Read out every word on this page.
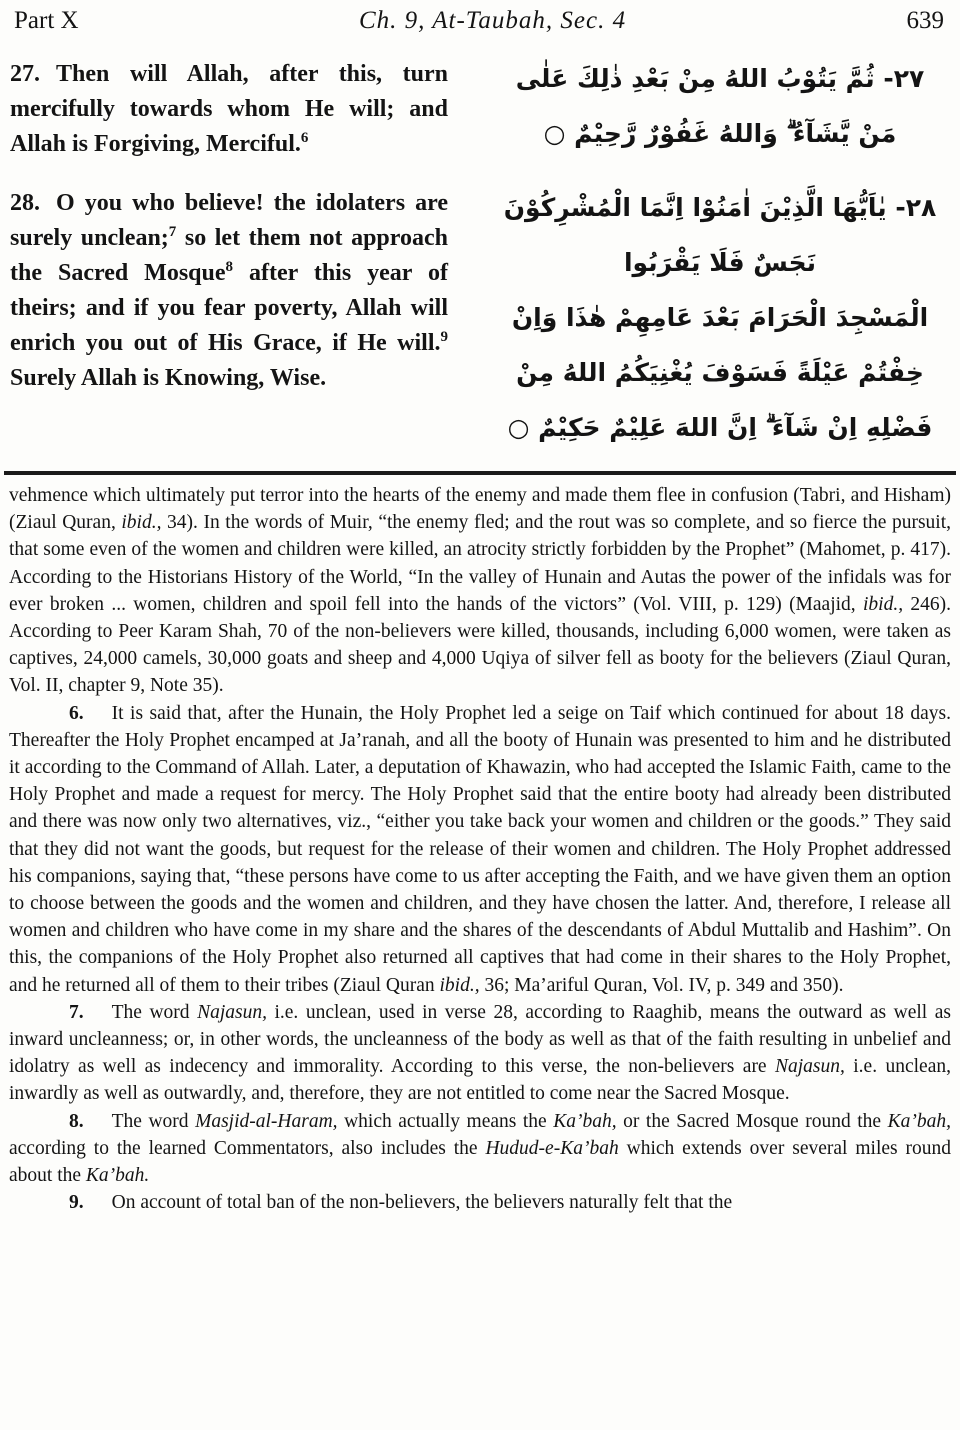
Part X	Ch. 9, At-Taubah, Sec. 4	639

27. Then will Allah, after this, turn mercifully towards whom He will; and Allah is Forgiving, Merciful.$^6$

۲۷- ثُمَّ يَتُوْبُ اللهُ مِنْ بَعْدِ ذٰلِكَ عَلٰى
مَنْ يَّشَآءُ ۗ وَاللهُ غَفُوْرٌ رَّحِيْمٌ ○

28. O you who believe! the idolaters are surely unclean;$^7$ so let them not approach the Sacred Mosque$^8$ after this year of theirs; and if you fear poverty, Allah will enrich you out of His Grace, if He will.$^9$ Surely Allah is Knowing, Wise.

۲۸- يٰاَيُّهَا الَّذِيْنَ اٰمَنُوْا اِنَّمَا الْمُشْرِكُوْنَ
نَجَسٌ فَلَا يَقْرَبُوا
الْمَسْجِدَ الْحَرَامَ بَعْدَ عَامِهِمْ هٰذَا وَاِنْ
خِفْتُمْ عَيْلَةً فَسَوْفَ يُغْنِيَكُمُ اللهُ مِنْ
فَضْلِهِ اِنْ شَآءَ ۗ اِنَّ اللهَ عَلِيْمٌ حَكِيْمٌ ○

vehmence which ultimately put terror into the hearts of the enemy and made them flee in confusion (Tabri, and Hisham) (Ziaul Quran, ibid., 34). In the words of Muir, “the enemy fled; and the rout was so complete, and so fierce the pursuit, that some even of the women and children were killed, an atrocity strictly forbidden by the Prophet” (Mahomet, p. 417). According to the Historians History of the World, “In the valley of Hunain and Autas the power of the infidals was for ever broken ... women, children and spoil fell into the hands of the victors” (Vol. VIII, p. 129) (Maajid, ibid., 246). According to Peer Karam Shah, 70 of the non-believers were killed, thousands, including 6,000 women, were taken as captives, 24,000 camels, 30,000 goats and sheep and 4,000 Uqiya of silver fell as booty for the believers (Ziaul Quran, Vol. II, chapter 9, Note 35).

6. It is said that, after the Hunain, the Holy Prophet led a seige on Taif which continued for about 18 days. Thereafter the Holy Prophet encamped at Ja’ranah, and all the booty of Hunain was presented to him and he distributed it according to the Command of Allah. Later, a deputation of Khawazin, who had accepted the Islamic Faith, came to the Holy Prophet and made a request for mercy. The Holy Prophet said that the entire booty had already been distributed and there was now only two alternatives, viz., “either you take back your women and children or the goods.” They said that they did not want the goods, but request for the release of their women and children. The Holy Prophet addressed his companions, saying that, “these persons have come to us after accepting the Faith, and we have given them an option to choose between the goods and the women and children, and they have chosen the latter. And, therefore, I release all women and children who have come in my share and the shares of the descendants of Abdul Muttalib and Hashim”. On this, the companions of the Holy Prophet also returned all captives that had come in their shares to the Holy Prophet, and he returned all of them to their tribes (Ziaul Quran ibid., 36; Ma’ariful Quran, Vol. IV, p. 349 and 350).

7. The word Najasun, i.e. unclean, used in verse 28, according to Raaghib, means the outward as well as inward uncleanness; or, in other words, the uncleanness of the body as well as that of the faith resulting in unbelief and idolatry as well as indecency and immorality. According to this verse, the non-believers are Najasun, i.e. unclean, inwardly as well as outwardly, and, therefore, they are not entitled to come near the Sacred Mosque.

8. The word Masjid-al-Haram, which actually means the Ka’bah, or the Sacred Mosque round the Ka’bah, according to the learned Commentators, also includes the Hudud-e-Ka’bah which extends over several miles round about the Ka’bah.

9. On account of total ban of the non-believers, the believers naturally felt that the
